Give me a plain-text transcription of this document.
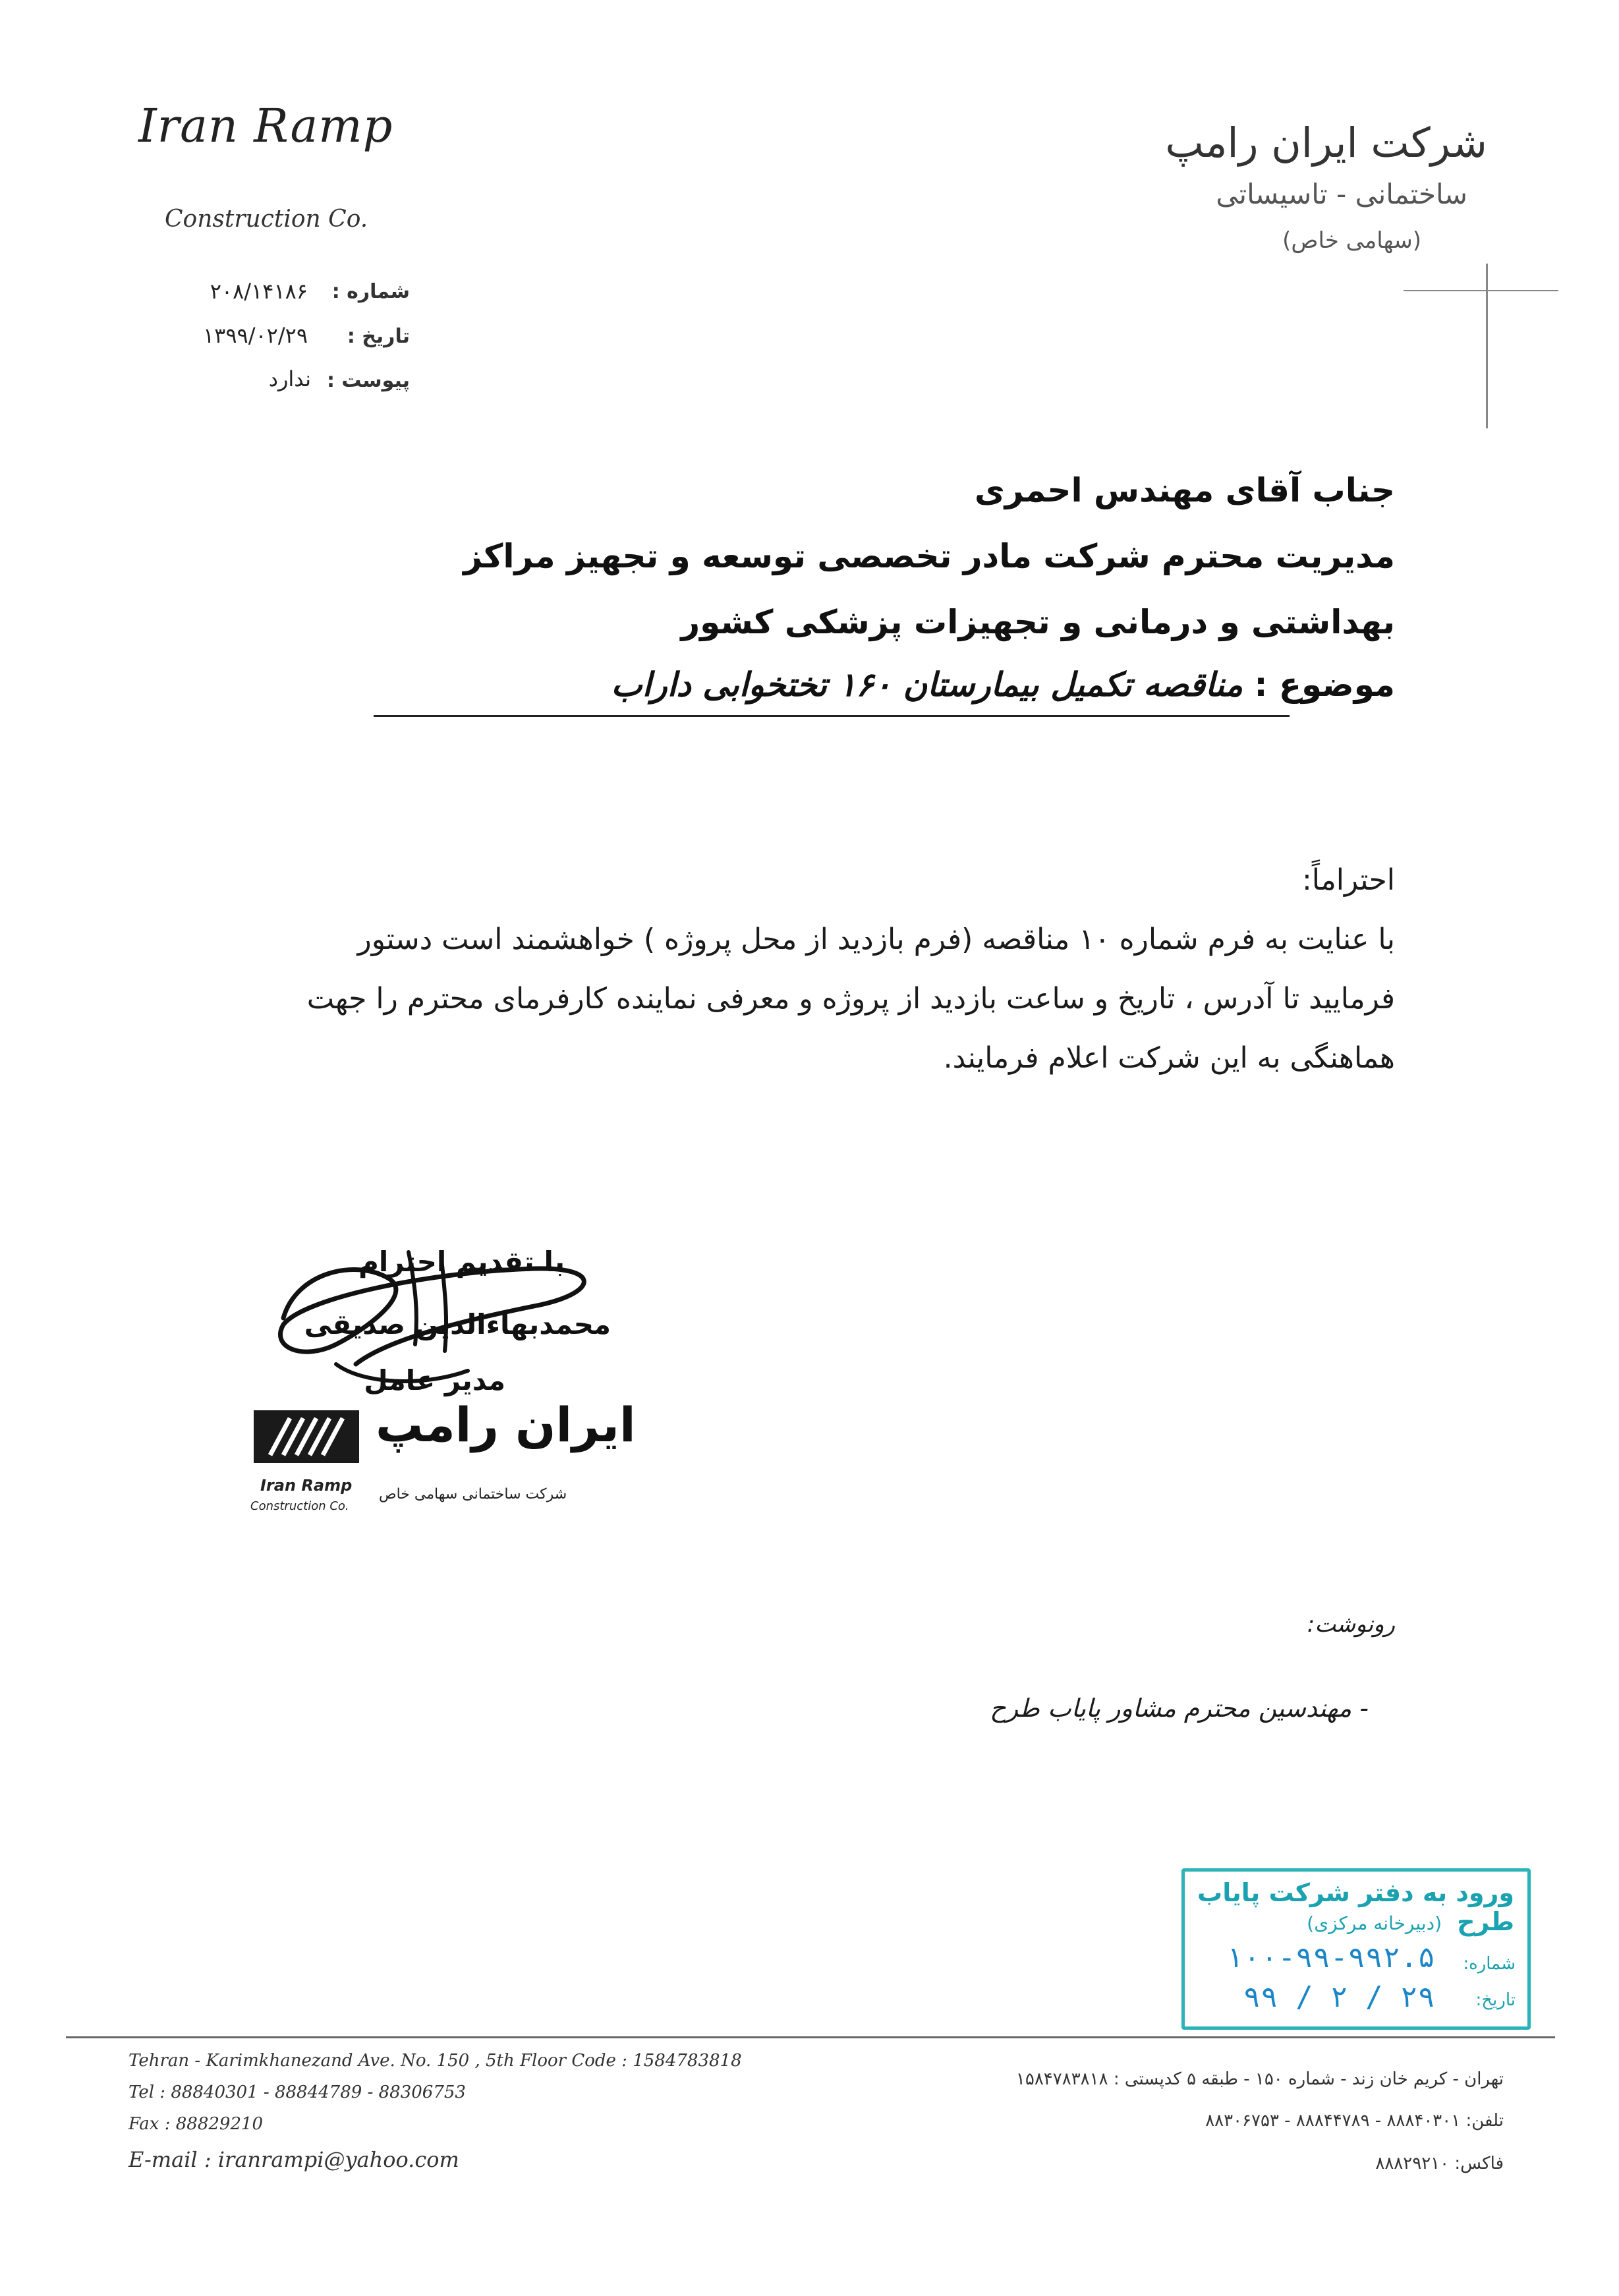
Iran Ramp
Construction Co.
شرکت ایران رامپ
ساختمانی - تاسیساتی
(سهامی خاص)
شماره :
۲۰۸/۱۴۱۸۶
تاریخ :
۱۳۹۹/۰۲/۲۹
پیوست :
ندارد
جناب آقای مهندس احمری
مدیریت محترم شرکت مادر تخصصی توسعه و تجهیز مراکز
بهداشتی و درمانی و تجهیزات پزشکی کشور
موضوع : مناقصه تکمیل بیمارستان ۱۶۰ تختخوابی داراب
احتراماً:
با عنایت به فرم شماره ۱۰ مناقصه (فرم بازدید از محل پروژه ) خواهشمند است دستور
فرمایید تا آدرس ، تاریخ و ساعت بازدید از پروژه و معرفی نماینده کارفرمای محترم را جهت
هماهنگی به این شرکت اعلام فرمایند.
با تقدیم احترام
محمدبهاءالدین صدیقی
مدیر عامل
ایران رامپ
شرکت ساختمانی سهامی خاص
Iran Ramp
Construction Co.
رونوشت:
- مهندسین محترم مشاور پایاب طرح
ورود به دفتر شرکت پایاب طرح
(دبیرخانه مرکزی)
شماره:
۱۰۰-۹۹-۹۹۲.۵
تاریخ:
۹۹ / ۲ / ۲۹
Tehran - Karimkhanezand Ave. No. 150 , 5th Floor Code : 1584783818
Tel : 88840301 - 88844789 - 88306753
Fax : 88829210
E-mail : iranrampi@yahoo.com
تهران - کریم خان زند - شماره ۱۵۰ - طبقه ۵ کدپستی : ۱۵۸۴۷۸۳۸۱۸
تلفن: ۸۸۸۴۰۳۰۱ - ۸۸۸۴۴۷۸۹ - ۸۸۳۰۶۷۵۳
فاکس: ۸۸۸۲۹۲۱۰
